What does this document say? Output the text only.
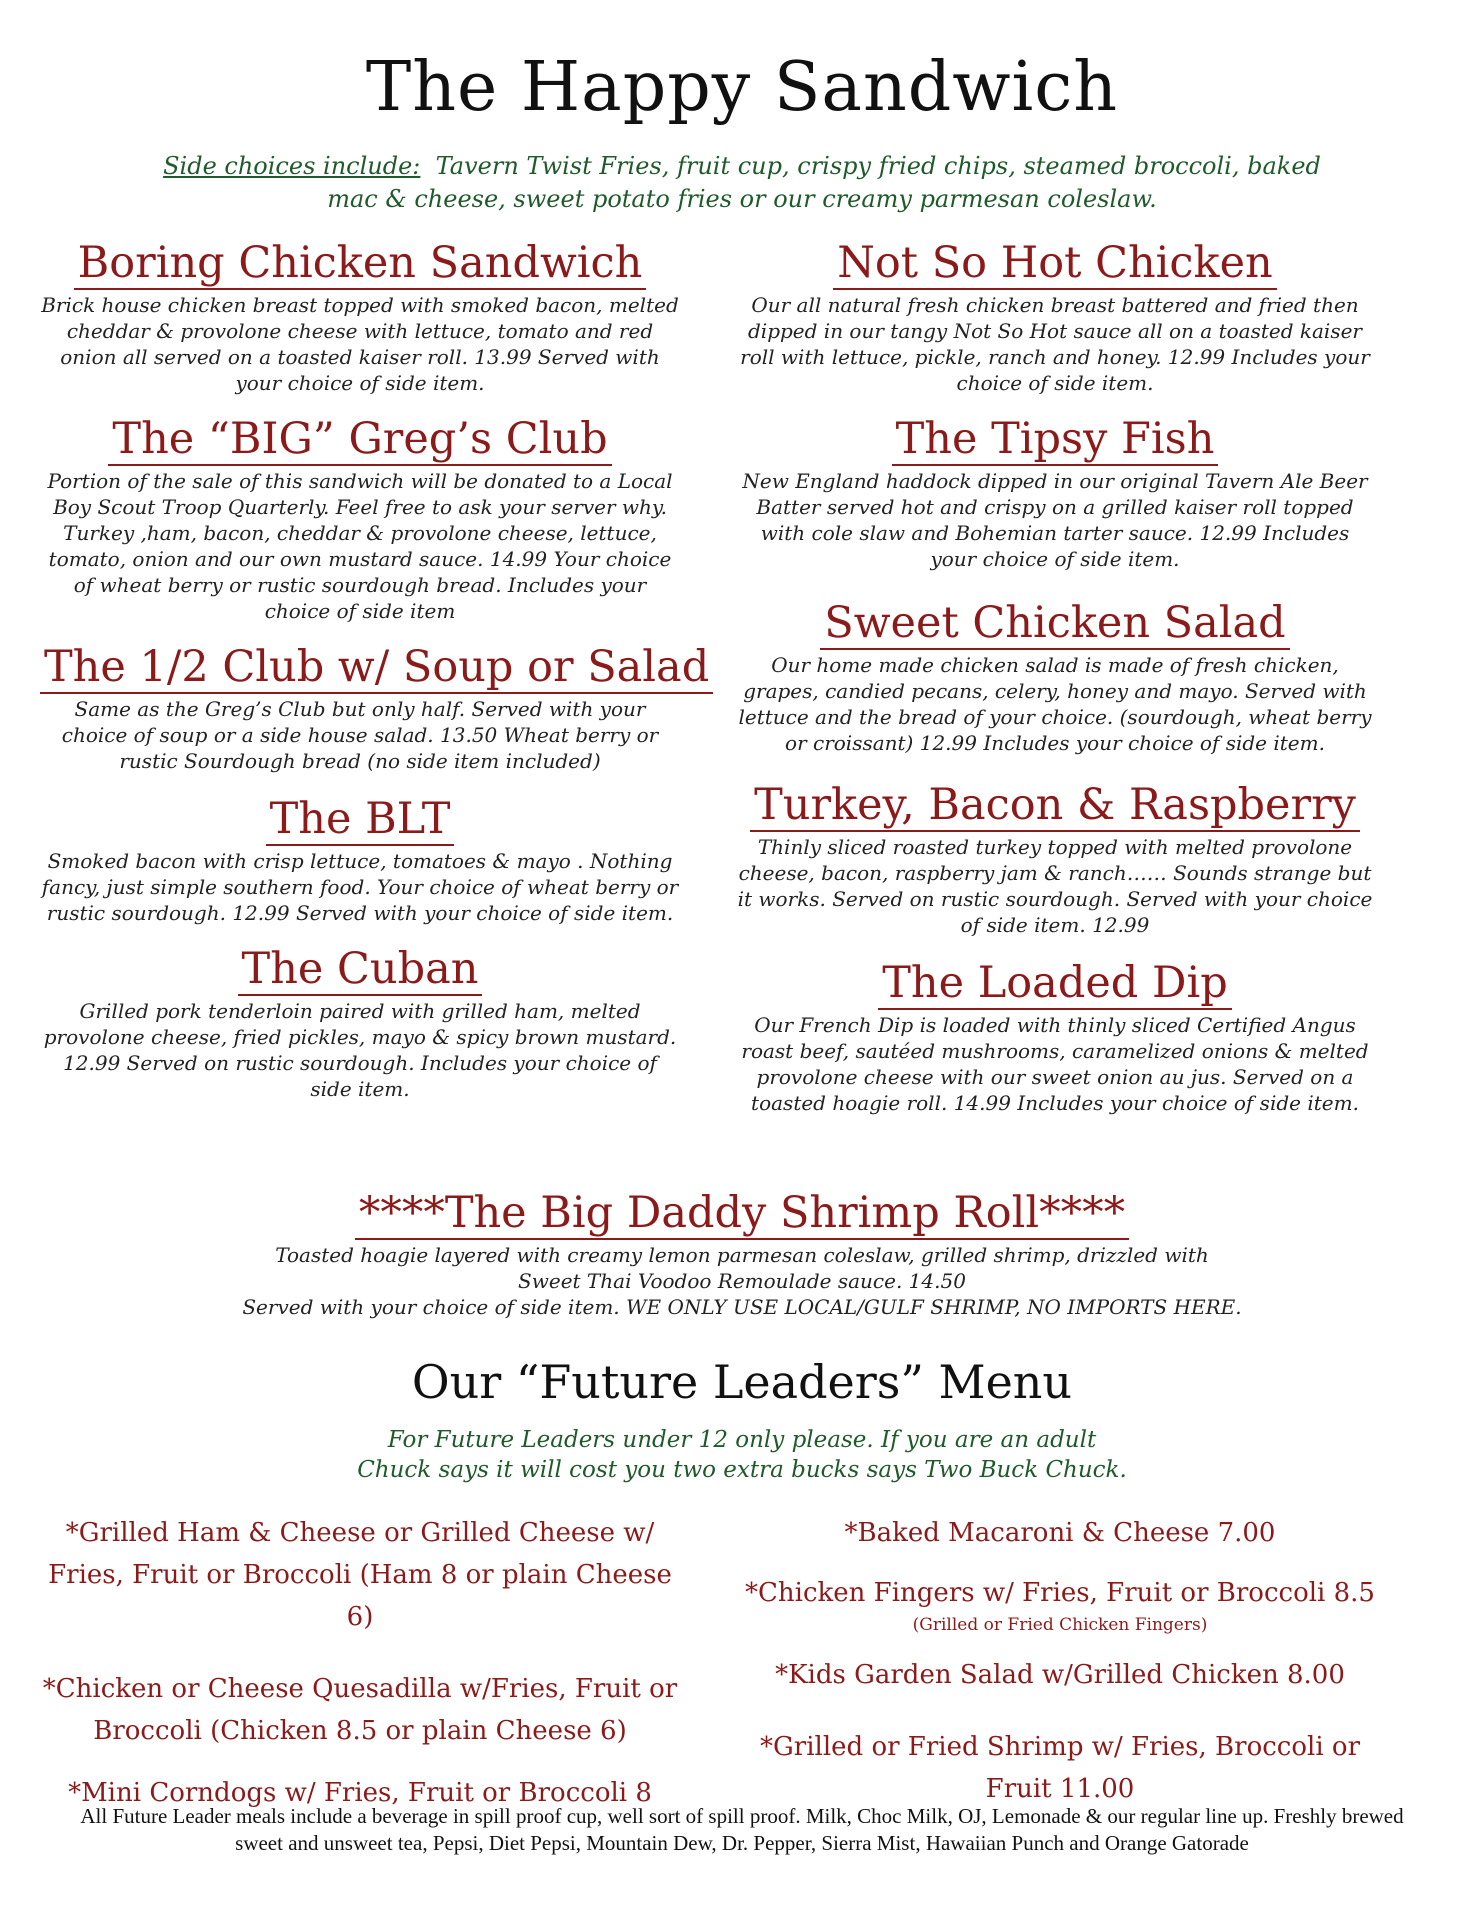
The Happy Sandwich
Side choices include: Tavern Twist Fries, fruit cup, crispy fried chips, steamed broccoli, baked mac & cheese, sweet potato fries or our creamy parmesan coleslaw.
Boring Chicken Sandwich
Brick house chicken breast topped with smoked bacon, melted cheddar & provolone cheese with lettuce, tomato and red onion all served on a toasted kaiser roll. 13.99 Served with your choice of side item.
The “BIG” Greg’s Club
Portion of the sale of this sandwich will be donated to a Local Boy Scout Troop Quarterly. Feel free to ask your server why. Turkey ,ham, bacon, cheddar & provolone cheese, lettuce, tomato, onion and our own mustard sauce. 14.99 Your choice of wheat berry or rustic sourdough bread. Includes your choice of side item
The 1/2 Club w/ Soup or Salad
Same as the Greg’s Club but only half. Served with your choice of soup or a side house salad. 13.50 Wheat berry or rustic Sourdough bread (no side item included)
The BLT
Smoked bacon with crisp lettuce, tomatoes & mayo . Nothing fancy, just simple southern food. Your choice of wheat berry or rustic sourdough. 12.99 Served with your choice of side item.
The Cuban
Grilled pork tenderloin paired with grilled ham, melted provolone cheese, fried pickles, mayo & spicy brown mustard. 12.99 Served on rustic sourdough. Includes your choice of side item.
Not So Hot Chicken
Our all natural fresh chicken breast battered and fried then dipped in our tangy Not So Hot sauce all on a toasted kaiser roll with lettuce, pickle, ranch and honey. 12.99 Includes your choice of side item.
The Tipsy Fish
New England haddock dipped in our original Tavern Ale Beer Batter served hot and crispy on a grilled kaiser roll topped with cole slaw and Bohemian tarter sauce. 12.99 Includes your choice of side item.
Sweet Chicken Salad
Our home made chicken salad is made of fresh chicken, grapes, candied pecans, celery, honey and mayo. Served with lettuce and the bread of your choice. (sourdough, wheat berry or croissant) 12.99 Includes your choice of side item.
Turkey, Bacon & Raspberry
Thinly sliced roasted turkey topped with melted provolone cheese, bacon, raspberry jam & ranch…… Sounds strange but it works. Served on rustic sourdough. Served with your choice of side item. 12.99
The Loaded Dip
Our French Dip is loaded with thinly sliced Certified Angus roast beef, sautéed mushrooms, caramelized onions & melted provolone cheese with our sweet onion au jus. Served on a toasted hoagie roll. 14.99 Includes your choice of side item.
****The Big Daddy Shrimp Roll****
Toasted hoagie layered with creamy lemon parmesan coleslaw, grilled shrimp, drizzled with
Sweet Thai Voodoo Remoulade sauce. 14.50
Served with your choice of side item. WE ONLY USE LOCAL/GULF SHRIMP, NO IMPORTS HERE.
Our “Future Leaders” Menu
For Future Leaders under 12 only please. If you are an adult
Chuck says it will cost you two extra bucks says Two Buck Chuck.
*Grilled Ham & Cheese or Grilled Cheese w/ Fries, Fruit or Broccoli (Ham 8 or plain Cheese 6)
*Chicken or Cheese Quesadilla w/Fries, Fruit or Broccoli (Chicken 8.5 or plain Cheese 6)
*Mini Corndogs w/ Fries, Fruit or Broccoli 8
*Baked Macaroni & Cheese 7.00
*Chicken Fingers w/ Fries, Fruit or Broccoli 8.5
(Grilled or Fried Chicken Fingers)
*Kids Garden Salad w/Grilled Chicken 8.00
*Grilled or Fried Shrimp w/ Fries, Broccoli or Fruit 11.00
All Future Leader meals include a beverage in spill proof cup, well sort of spill proof. Milk, Choc Milk, OJ, Lemonade & our regular line up. Freshly brewed sweet and unsweet tea, Pepsi, Diet Pepsi, Mountain Dew, Dr. Pepper, Sierra Mist, Hawaiian Punch and Orange Gatorade
